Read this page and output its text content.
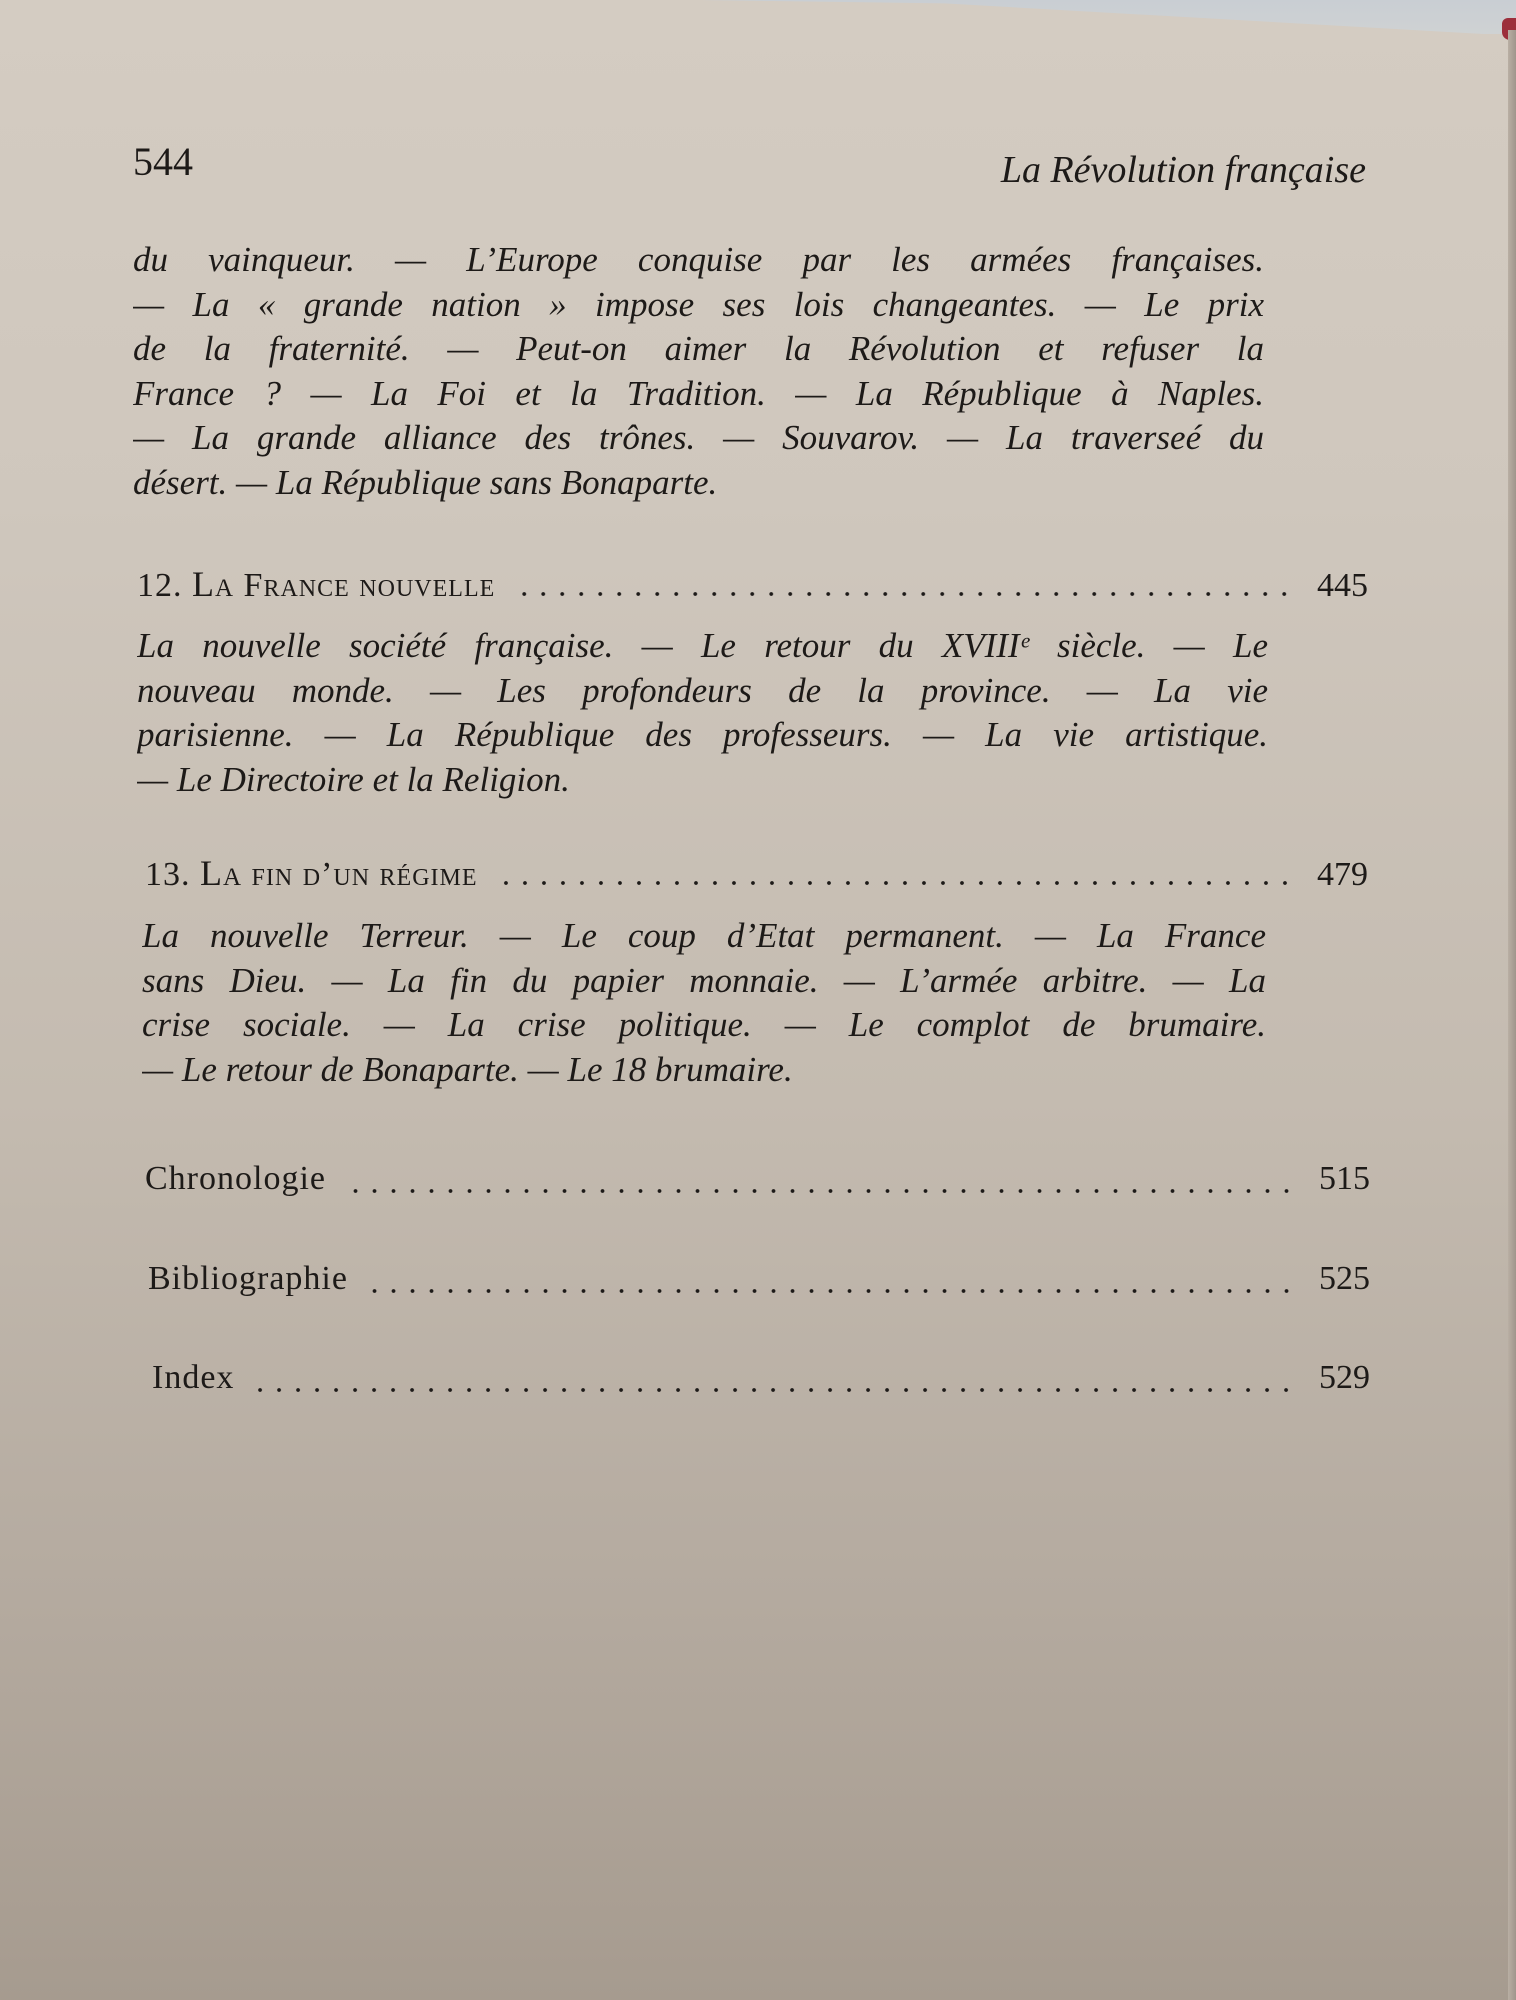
544	La Révolution française
du vainqueur. — L’Europe conquise par les armées françaises.
— La « grande nation » impose ses lois changeantes. — Le prix
de la fraternité. — Peut-on aimer la Révolution et refuser la
France ? — La Foi et la Tradition. — La République à Naples.
— La grande alliance des trônes. — Souvarov. — La traverseé du
désert. — La République sans Bonaparte.
12. La France nouvelle	445
La nouvelle société française. — Le retour du XVIIIᵉ siècle. — Le
nouveau monde. — Les profondeurs de la province. — La vie
parisienne. — La République des professeurs. — La vie artistique.
— Le Directoire et la Religion.
13. La fin d’un régime	479
La nouvelle Terreur. — Le coup d’Etat permanent. — La France
sans Dieu. — La fin du papier monnaie. — L’armée arbitre. — La
crise sociale. — La crise politique. — Le complot de brumaire.
— Le retour de Bonaparte. — Le 18 brumaire.
Chronologie	515
Bibliographie	525
Index	529
